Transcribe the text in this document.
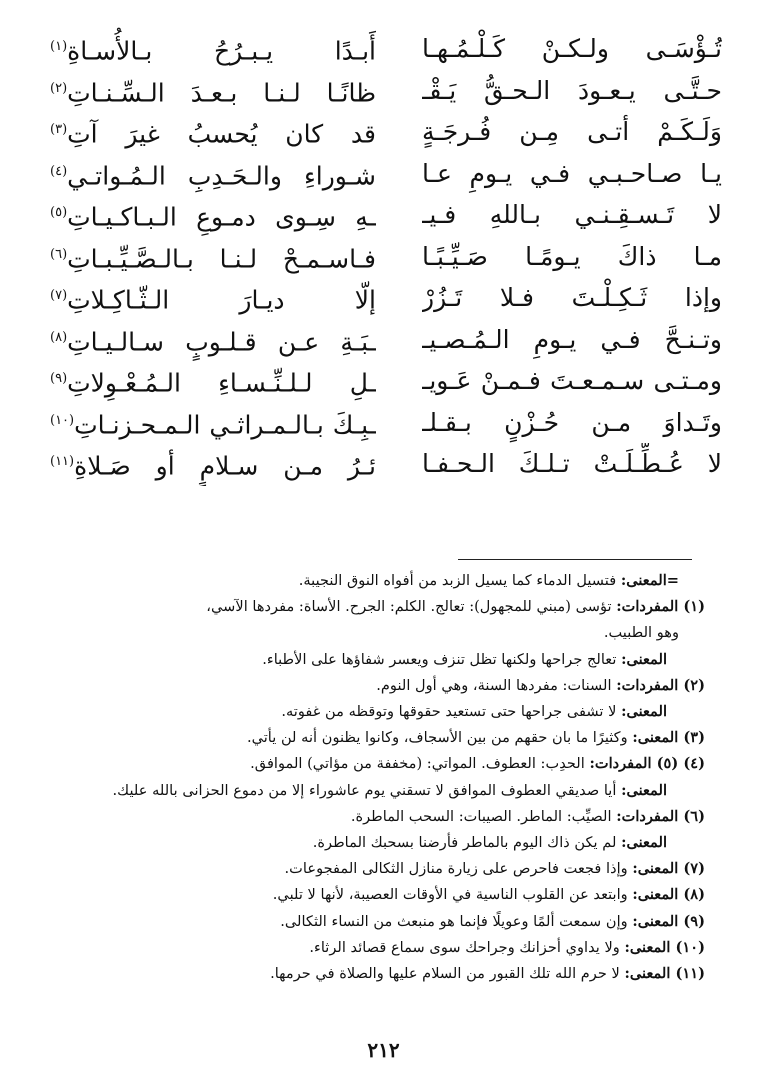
تُـؤْسَـى ولـكـنْ كَـلْـمُـهـا
أَبـدًا يـبـرُحُ بـالأُسـاةِ$^{(١)}$
حـتَّـى يـعـودَ الـحـقُّ يَـقْـ
ظانًـا لـنـا بـعـدَ الـسِّـنـاتِ$^{(٢)}$
وَلَـكَـمْ أتـى مِـن فُـرجَـةٍ
قد كان يُحسبُ غيرَ آتِ$^{(٣)}$
يـا صـاحـبـي فـي يـومِ عـا
شـوراءِ والـحَـدِبِ الـمُـواتـي$^{(٤)}$
لا تَـسـقِـنـي بـاللهِ فـيـ
ـهِ سِـوى دمـوعِ الـبـاكـيـاتِ$^{(٥)}$
مـا ذاكَ يـومًـا صَـيِّـبًـا
فـاسـمـحْ لـنـا بـالـصَّـيِّـبـاتِ$^{(٦)}$
وإذا ثَـكِـلْـتَ فـلا تَـزُرْ
إلّا ديـارَ الـثّـاكِـلاتِ$^{(٧)}$
وتـنـحَّ فـي يـومِ الـمُـصـيـ
ـبَـةِ عـن قـلـوبٍ سـالـيـاتِ$^{(٨)}$
ومـتـى سـمـعـتَ فـمـنْ عَـويـ
ـلِ لـلـنِّـسـاءِ الـمُـعْـوِلاتِ$^{(٩)}$
وتَـداوَ مـن حُـزْنٍ بـقـلـ
ـبِـكَ بـالـمـراثـي الـمـحـزنـاتِ$^{(١٠)}$
لا عُـطِّـلَـتْ تـلـكَ الـحـفـا
ئـرُ مـن سـلامٍ أو صَـلاةِ$^{(١١)}$
=المعنى: فتسيل الدماء كما يسيل الزبد من أفواه النوق النجيبة.
(١) المفردات: تؤسى (مبني للمجهول): تعالج. الكلم: الجرح. الأساة: مفردها الآسي،
وهو الطبيب.
المعنى: تعالج جراحها ولكنها تظل تنزف ويعسر شفاؤها على الأطباء.
(٢) المفردات: السنات: مفردها السنة، وهي أول النوم.
المعنى: لا تشفى جراحها حتى تستعيد حقوقها وتوقظه من غفوته.
(٣) المعنى: وكثيرًا ما بان حقهم من بين الأسجاف، وكانوا يظنون أنه لن يأتي.
(٤) (٥) المفردات: الحدِب: العطوف. المواتي: (مخففة من مؤاتي) الموافق.
المعنى: أيا صديقي العطوف الموافق لا تسقني يوم عاشوراء إلا من دموع الحزانى بالله عليك.
(٦) المفردات: الصيِّب: الماطر. الصيبات: السحب الماطرة.
المعنى: لم يكن ذاك اليوم بالماطر فأرضنا بسحبك الماطرة.
(٧) المعنى: وإذا فجعت فاحرص على زيارة منازل الثكالى المفجوعات.
(٨) المعنى: وابتعد عن القلوب الناسية في الأوقات العصيبة، لأنها لا تلبي.
(٩) المعنى: وإن سمعت ألمًا وعويلًا فإنما هو منبعث من النساء الثكالى.
(١٠) المعنى: ولا يداوي أحزانك وجراحك سوى سماع قصائد الرثاء.
(١١) المعنى: لا حرم الله تلك القبور من السلام عليها والصلاة في حرمها.
٢١٢
